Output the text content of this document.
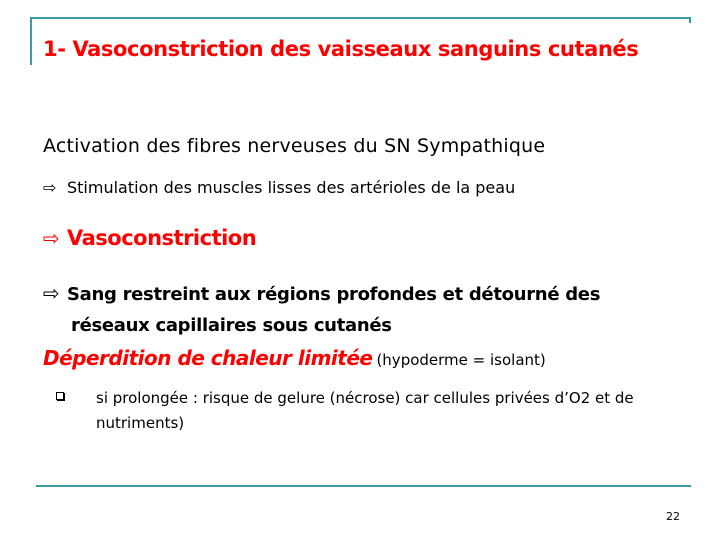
1- Vasoconstriction des vaisseaux sanguins cutanés
Activation des fibres nerveuses du SN Sympathique
⇨ Stimulation des muscles lisses des artérioles de la peau
⇨ Vasoconstriction
⇨ Sang restreint aux régions profondes et détourné des
réseaux capillaires sous cutanés
Déperdition de chaleur limitée (hypoderme = isolant)
si prolongée : risque de gelure (nécrose) car cellules privées d’O2 et de nutriments)
22
